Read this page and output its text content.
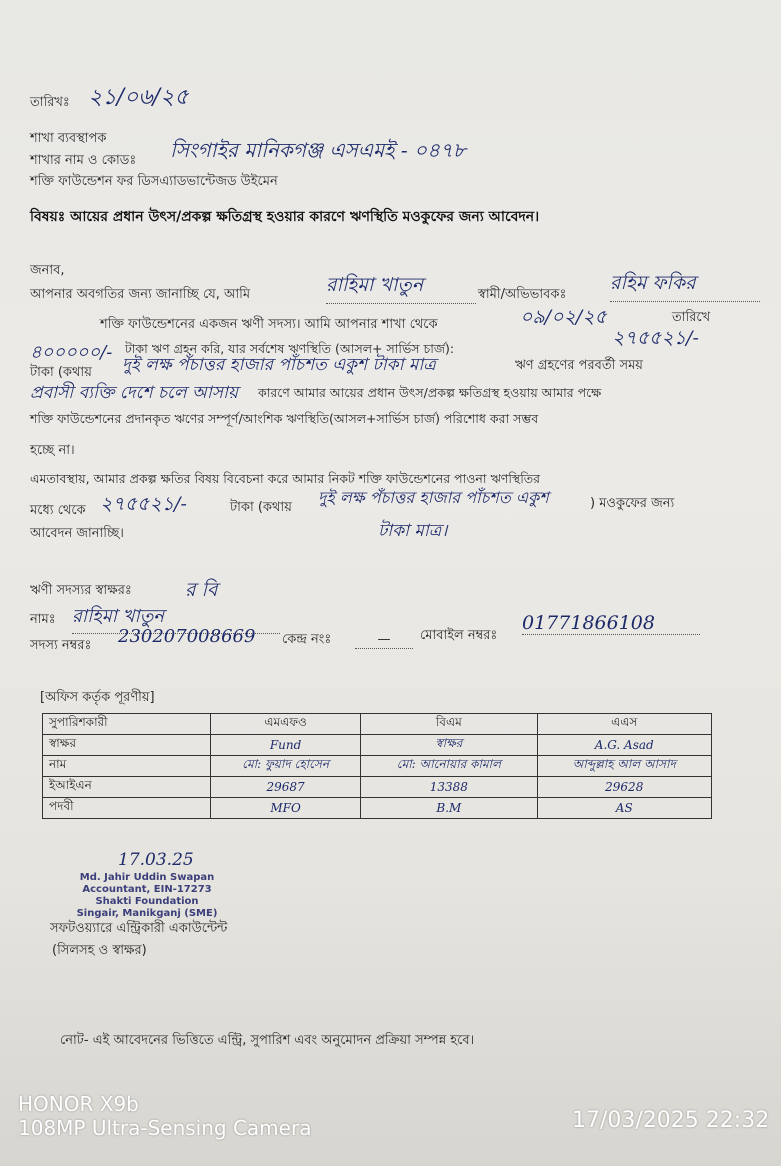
তারিখঃ ২১/০৬/২৫
শাখা ব্যবস্থাপক
শাখার নাম ও কোডঃ সিংগাইর মানিকগঞ্জ এসএমই - ০৪৭৮
শক্তি ফাউন্ডেশন ফর ডিসএ্যাডভান্টেজড উইমেন
বিষয়ঃ আয়ের প্রধান উৎস/প্রকল্প ক্ষতিগ্রস্থ হওয়ার কারণে ঋণস্থিতি মওকুফের জন্য আবেদন।
জনাব,
আপনার অবগতির জন্য জানাচ্ছি যে, আমি	রাহিমা খাতুন	স্বামী/অভিভাবকঃ
রহিম ফকির
শক্তি ফাউন্ডেশনের একজন ঋণী সদস্য। আমি আপনার শাখা থেকে	০৯/০২/২৫	তারিখে
৪০০০০০/- টাকা ঋণ গ্রহন করি, যার সর্বশেষ ঋণস্থিতি (আসল+ সার্ভিস চার্জ):	২৭৫৫২১/-
টাকা (কথায় দুই লক্ষ পঁচাত্তর হাজার পাঁচশত একুশ টাকা মাত্র	ঋণ গ্রহণের পরবর্তী সময়
প্রবাসী ব্যক্তি দেশে চলে আসায় কারণে আমার আয়ের প্রধান উৎস/প্রকল্প ক্ষতিগ্রস্থ হওয়ায় আমার পক্ষে
শক্তি ফাউন্ডেশনের প্রদানকৃত ঋণের সম্পূর্ণ/আংশিক ঋণস্থিতি(আসল+সার্ভিস চার্জ) পরিশোধ করা সম্ভব
হচ্ছে না।
এমতাবস্থায়, আমার প্রকল্প ক্ষতির বিষয় বিবেচনা করে আমার নিকট শক্তি ফাউন্ডেশনের পাওনা ঋণস্থিতির
মধ্যে থেকে ২৭৫৫২১/-	টাকা (কথায়
দুই লক্ষ পঁচাত্তর হাজার পাঁচশত একুশ	) মওকুফের জন্য
টাকা মাত্র।
আবেদন জানাচ্ছি।
ঋণী সদস্যর স্বাক্ষরঃ	র বি
নামঃ রাহিমা খাতুন
সদস্য নম্বরঃ 230207008669 কেন্দ্র নংঃ	—	মোবাইল নম্বরঃ
01771866108
[অফিস কর্তৃক পূরণীয়]
সুপারিশকারী	এমএফও	বিএম	এএস
স্বাক্ষর	Fund	স্বাক্ষর	A.G. Asad
নাম	মো: ফুয়াদ হোসেন	মো: আনোয়ার কামাল	আব্দুল্লাহ আল আসাদ
ইআইএন	29687	13388	29628
পদবী	MFO	B.M	AS
17.03.25
Md. Jahir Uddin Swapan
Accountant, EIN-17273
Shakti Foundation
Singair, Manikganj (SME)
সফটওয়্যারে এন্ট্রিকারী একাউন্টেন্ট
(সিলসহ ও স্বাক্ষর)
নোট- এই আবেদনের ভিত্তিতে এন্ট্রি, সুপারিশ এবং অনুমোদন প্রক্রিয়া সম্পন্ন হবে।
HONOR X9b
108MP Ultra-Sensing Camera	17/03/2025 22:32
